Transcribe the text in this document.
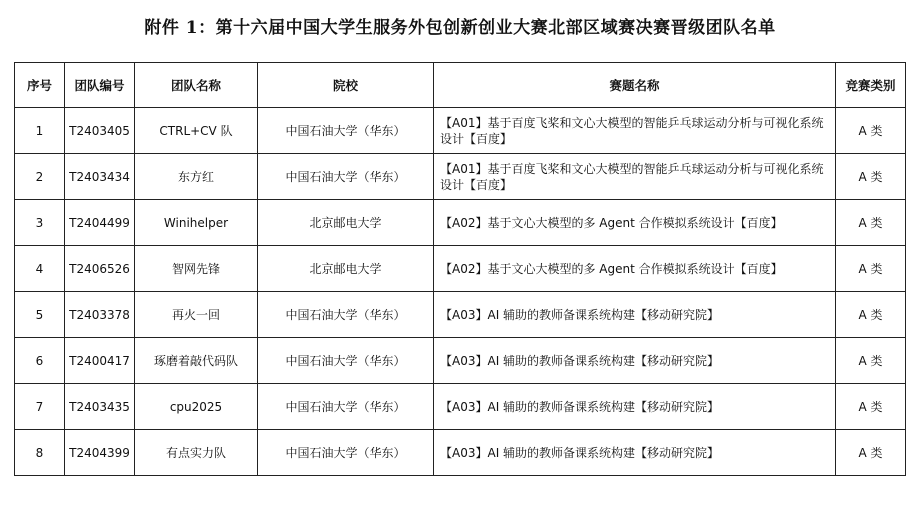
附件 1：第十六届中国大学生服务外包创新创业大赛北部区域赛决赛晋级团队名单
序号	团队编号	团队名称	院校	赛题名称	竞赛类别
1	T2403405	CTRL+CV 队	中国石油大学（华东）	【A01】基于百度飞桨和文心大模型的智能乒乓球运动分析与可视化系统设计【百度】	A 类
2	T2403434	东方红	中国石油大学（华东）	【A01】基于百度飞桨和文心大模型的智能乒乓球运动分析与可视化系统设计【百度】	A 类
3	T2404499	Winihelper	北京邮电大学	【A02】基于文心大模型的多 Agent 合作模拟系统设计【百度】	A 类
4	T2406526	智网先锋	北京邮电大学	【A02】基于文心大模型的多 Agent 合作模拟系统设计【百度】	A 类
5	T2403378	再火一回	中国石油大学（华东）	【A03】AI 辅助的教师备课系统构建【移动研究院】	A 类
6	T2400417	琢磨着敲代码队	中国石油大学（华东）	【A03】AI 辅助的教师备课系统构建【移动研究院】	A 类
7	T2403435	cpu2025	中国石油大学（华东）	【A03】AI 辅助的教师备课系统构建【移动研究院】	A 类
8	T2404399	有点实力队	中国石油大学（华东）	【A03】AI 辅助的教师备课系统构建【移动研究院】	A 类
